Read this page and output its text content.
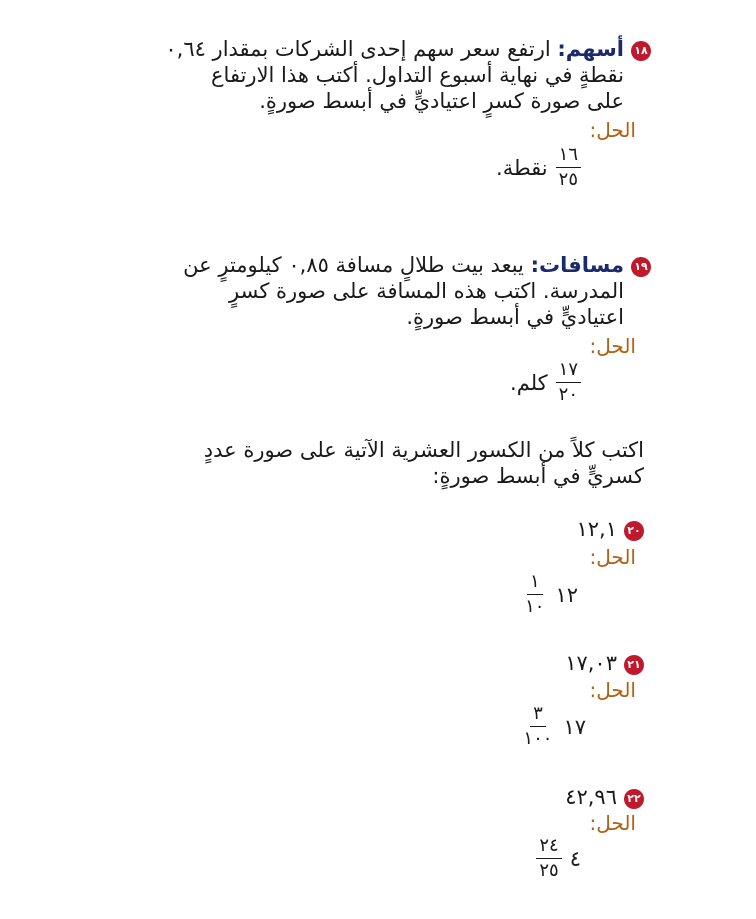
١٨أسهم: ارتفع سعر سهم إحدى الشركات بمقدار ٠,٦٤
نقطةٍ في نهاية أسبوع التداول. أكتب هذا الارتفاع
على صورة كسرٍ اعتياديٍّ في أبسط صورةٍ.
الحل:
$\frac{١٦}{٢٥}$
نقطة.
١٩مسافات: يبعد بيت طلالٍ مسافة ٠,٨٥ كيلومترٍ عن
المدرسة. اكتب هذه المسافة على صورة كسرٍ
اعتياديٍّ في أبسط صورةٍ.
الحل:
$\frac{١٧}{٢٠}$
كلم.
اكتب كلاً من الكسور العشرية الآتية على صورة عددٍ
كسريٍّ في أبسط صورةٍ:
٢٠١٢,١
الحل:
١٢
$\frac{١}{١٠}$
٢١١٧,٠٣
الحل:
١٧
$\frac{٣}{١٠٠}$
٢٢٤٢,٩٦
الحل:
٤
$\frac{٢٤}{٢٥}$
